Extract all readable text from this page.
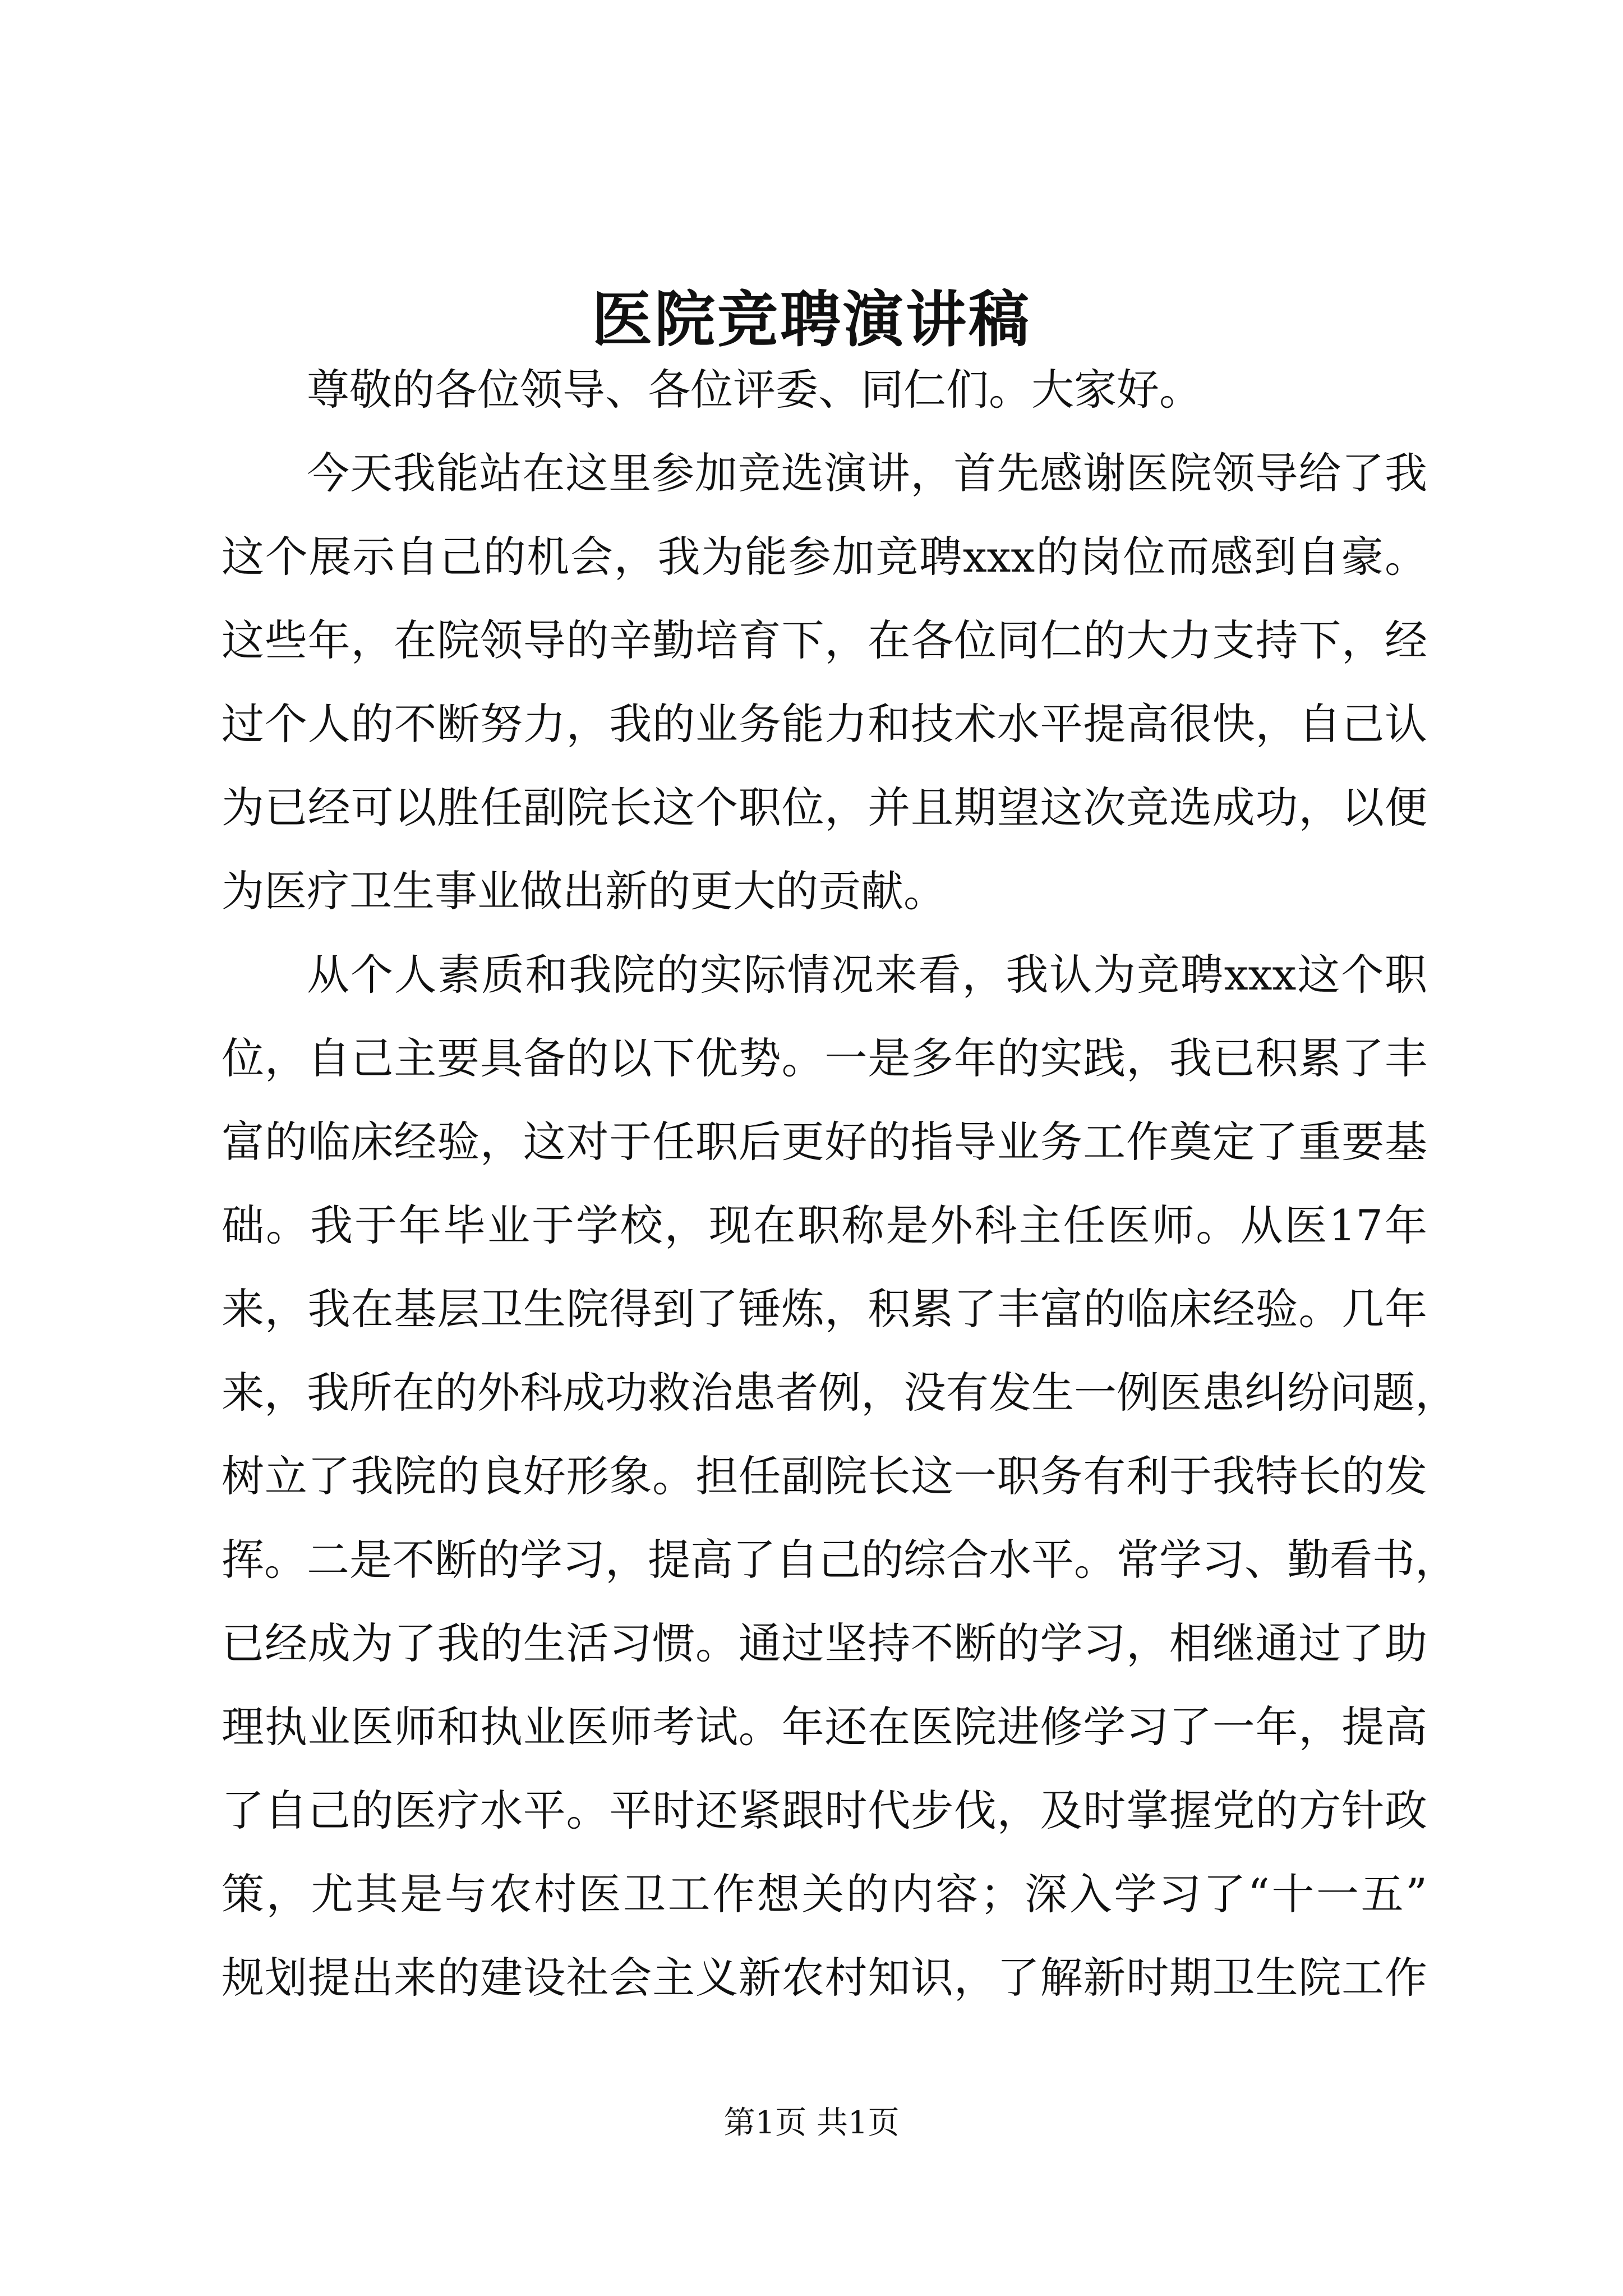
医院竞聘演讲稿
尊敬的各位领导、各位评委、同仁们。大家好。
今天我能站在这里参加竞选演讲，首先感谢医院领导给了我
这个展示自己的机会，我为能参加竞聘xxx的岗位而感到自豪。
这些年，在院领导的辛勤培育下，在各位同仁的大力支持下，经
过个人的不断努力，我的业务能力和技术水平提高很快，自己认
为已经可以胜任副院长这个职位，并且期望这次竞选成功，以便
为医疗卫生事业做出新的更大的贡献。
从个人素质和我院的实际情况来看，我认为竞聘xxx这个职
位，自己主要具备的以下优势。一是多年的实践，我已积累了丰
富的临床经验，这对于任职后更好的指导业务工作奠定了重要基
础。我于年毕业于学校，现在职称是外科主任医师。从医17年
来，我在基层卫生院得到了锤炼，积累了丰富的临床经验。几年
来，我所在的外科成功救治患者例，没有发生一例医患纠纷问题，
树立了我院的良好形象。担任副院长这一职务有利于我特长的发
挥。二是不断的学习，提高了自己的综合水平。常学习、勤看书，
已经成为了我的生活习惯。通过坚持不断的学习，相继通过了助
理执业医师和执业医师考试。年还在医院进修学习了一年，提高
了自己的医疗水平。平时还紧跟时代步伐，及时掌握党的方针政
策，尤其是与农村医卫工作想关的内容；深入学习了“十一五”
规划提出来的建设社会主义新农村知识，了解新时期卫生院工作
第1页 共1页
